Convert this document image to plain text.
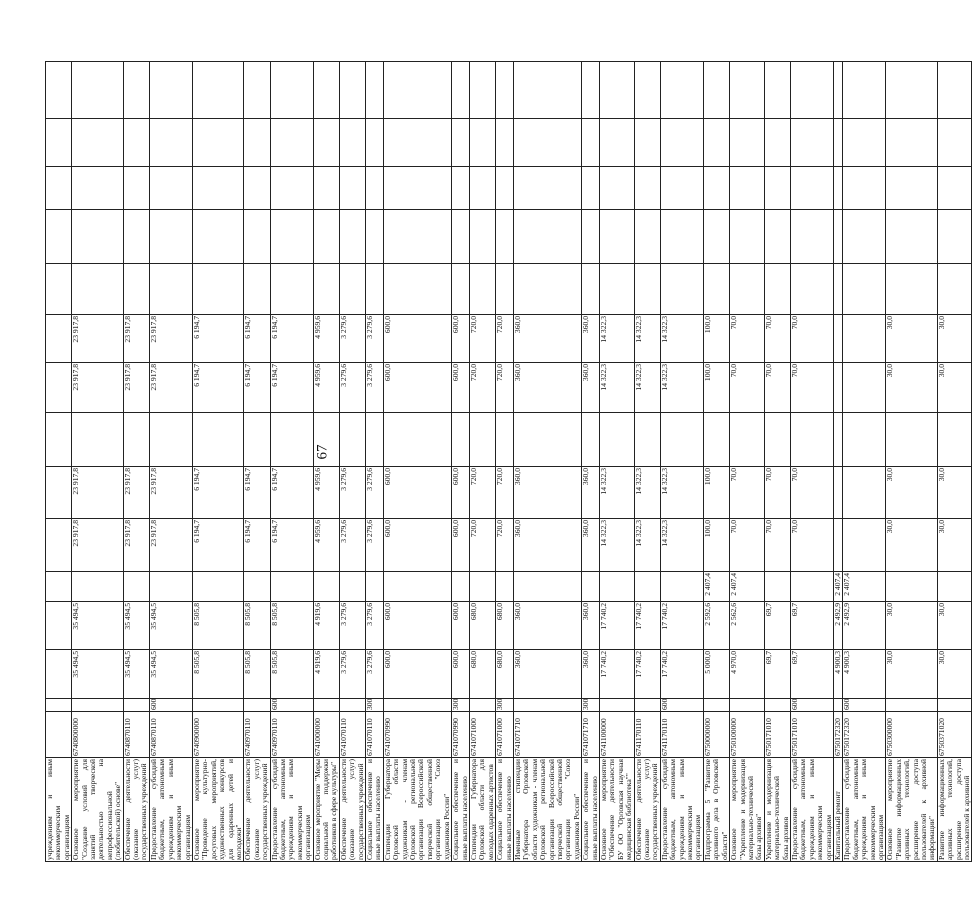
67
учреждениям и иным некоммерческим организациям															
Основное мероприятие "Создание условий для занятий творческой деятельностью на непрофессиональной (любительской) основе"	6740800000		35 494,5	35 494,5		23 917,8	23 917,8		23 917,8	23 917,8					
Обеспечение деятельности (оказание услуг) государственных учреждений	6740870110		35 494,5	35 494,5		23 917,8	23 917,8		23 917,8	23 917,8					
Предоставление субсидий бюджетным, автономным учреждениям и иным некоммерческим организациям	6740870110	600	35 494,5	35 494,5		23 917,8	23 917,8		23 917,8	23 917,8					
Основное мероприятие "Проведение культурно-досуговых мероприятий, художественных конкурсов для одаренных детей и молодежи"	6740900000		8 505,8	8 505,8		6 194,7	6 194,7		6 194,7	6 194,7					
Обеспечение деятельности (оказание услуг) государственных учреждений	6740970110		8 505,8	8 505,8		6 194,7	6 194,7		6 194,7	6 194,7					
Предоставление субсидий бюджетным, автономным учреждениям и иным некоммерческим организациям	6740970110	600	8 505,8	8 505,8		6 194,7	6 194,7		6 194,7	6 194,7					
Основное мероприятие "Меры социальной поддержки работников в сфере культуры"	6741000000		4 919,6	4 919,6		4 959,6	4 959,6		4 959,6	4 959,6					
Обеспечение деятельности (оказание услуг) государственных учреждений	6741070110		3 279,6	3 279,6		3 279,6	3 279,6		3 279,6	3 279,6					
Социальное обеспечение и иные выплаты населению	6741070110	300	3 279,6	3 279,6		3 279,6	3 279,6		3 279,6	3 279,6					
Стипендии Губернатора Орловской области художникам - членам Орловской региональной организации Всероссийской творческой общественной организации "Союз художников России"	6741070990		600,0	600,0		600,0	600,0		600,0	600,0					
Социальное обеспечение и иные выплаты населению	6741070990	300	600,0	600,0		600,0	600,0		600,0	600,0					
Стипендии Губернатора Орловской области для молодых одаренных артистов	6741071000		680,0	680,0		720,0	720,0		720,0	720,0					
Социальное обеспечение и иные выплаты населению	6741071000	300	680,0	680,0		720,0	720,0		720,0	720,0					
Именные стипендии Губернатора Орловской области художникам - членам Орловской региональной организации Всероссийской творческой общественной организации "Союз художников России"	6741071710		360,0	360,0		360,0	360,0		360,0	360,0					
Социальное обеспечение и иные выплаты населению	6741071710	300	360,0	360,0		360,0	360,0		360,0	360,0					
Основное мероприятие "Обеспечение деятельности БУ ОО "Орловская научная медицинская библиотека""	6741100000		17 740,2	17 740,2		14 322,3	14 322,3		14 322,3	14 322,3					
Обеспечение деятельности (оказание услуг) государственных учреждений	6741170110		17 740,2	17 740,2		14 322,3	14 322,3		14 322,3	14 322,3					
Предоставление субсидий бюджетным, автономным учреждениям и иным некоммерческим организациям	6741170110	600	17 740,2	17 740,2		14 322,3	14 322,3		14 322,3	14 322,3					
Подпрограмма 5 "Развитие архивного дела в Орловской области"	6750000000		5 000,0	2 592,6	2 407,4	100,0	100,0		100,0	100,0					
Основное мероприятие "Укрепление и модернизация материально-технической базы архивов"	6750100000		4 970,0	2 562,6	2 407,4	70,0	70,0		70,0	70,0					
Укрепление и модернизация материально-технической базы архивов	6750171010		69,7	69,7		70,0	70,0		70,0	70,0					
Предоставление субсидий бюджетным, автономным учреждениям и иным некоммерческим организациям	6750171010	600	69,7	69,7		70,0	70,0		70,0	70,0					
Капитальный ремонт	6750172320		4 900,3	2 492,9	2 407,4										
Предоставление субсидий бюджетным, автономным учреждениям и иным некоммерческим организациям	6750172320	600	4 900,3	2 492,9	2 407,4										
Основное мероприятие "Развитие информационных архивных технологий, расширение доступа пользователей к архивной информации"	6750300000		30,0	30,0		30,0	30,0		30,0	30,0					
Развитие информационных архивных технологий, расширение доступа пользователей к архивной	6750371020		30,0	30,0		30,0	30,0		30,0	30,0					
